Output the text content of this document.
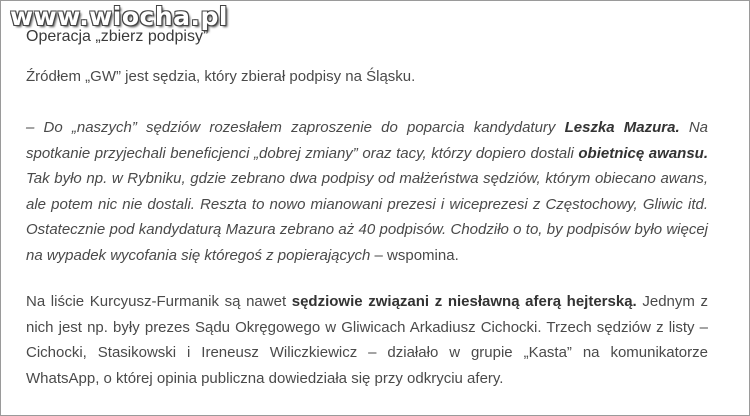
www.wiocha.pl
Operacja „zbierz podpisy”

Źródłem „GW” jest sędzia, który zbierał podpisy na Śląsku.

– Do „naszych” sędziów rozesłałem zaproszenie do poparcia kandydatury Leszka Mazura. Na spotkanie przyjechali beneficjenci „dobrej zmiany” oraz tacy, którzy dopiero dostali obietnicę awansu. Tak było np. w Rybniku, gdzie zebrano dwa podpisy od małżeństwa sędziów, którym obiecano awans, ale potem nic nie dostali. Reszta to nowo mianowani prezesi i wiceprezesi z Częstochowy, Gliwic itd. Ostatecznie pod kandydaturą Mazura zebrano aż 40 podpisów. Chodziło o to, by podpisów było więcej na wypadek wycofania się któregoś z popierających – wspomina.

Na liście Kurcyusz-Furmanik są nawet sędziowie związani z niesławną aferą hejterską. Jednym z nich jest np. były prezes Sądu Okręgowego w Gliwicach Arkadiusz Cichocki. Trzech sędziów z listy – Cichocki, Stasikowski i Ireneusz Wiliczkiewicz – działało w grupie „Kasta” na komunikatorze WhatsApp, o której opinia publiczna dowiedziała się przy odkryciu afery.
